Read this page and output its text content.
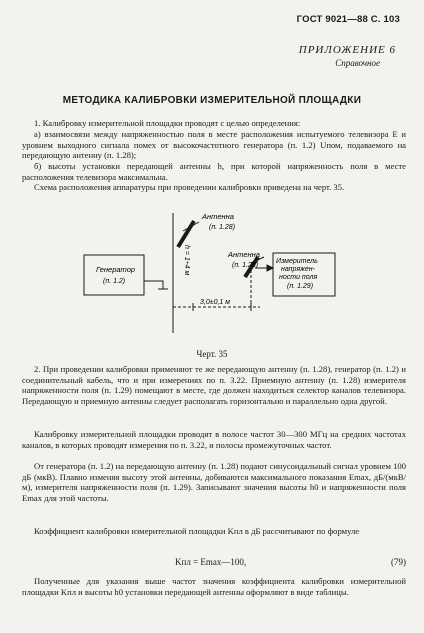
ГОСТ 9021—88 С. 103
ПРИЛОЖЕНИЕ 6
Справочное
МЕТОДИКА КАЛИБРОВКИ ИЗМЕРИТЕЛЬНОЙ ПЛОЩАДКИ

1. Калибровку измерительной площадки проводят с целью определения:

а) взаимосвязи между напряженностью поля в месте расположения испытуемого телевизора E и уровнем выходного сигнала помех от высокочастотного генератора (п. 1.2) Uпом, подаваемого на передающую антенну (п. 1.28);

б) высоты установки передающей антенны h, при которой напряженность поля в месте расположения телевизора максимальна.

Схема расположения аппаратуры при проведении калибровки приведена на черт. 35.

Антенна
(п. 1.28)
Антенна
(п. 1.28)
Генератор
(п. 1.2)
Измеритель
напряжен-
ности поля
(п. 1.29)
h = 1÷4 м
3,0±0,1 м
Черт. 35

2. При проведении калибровки применяют те же передающую антенну (п. 1.28), генератор (п. 1.2) и соединительный кабель, что и при измерениях по п. 3.22. Приемную антенну (п. 1.28) измерителя напряженности поля (п. 1.29) помещают в месте, где должен находиться селектор каналов телевизора. Передающую и приемную антенны следует располагать горизонтально и параллельно одна другой.

Калибровку измерительной площадки проводят в полосе частот 30—300 МГц на средних частотах каналов, в которых проводят измерения по п. 3.22, и полосы промежуточных частот.

От генератора (п. 1.2) на передающую антенну (п. 1.28) подают синусоидальный сигнал уровнем 100 дБ (мкВ). Плавно изменяя высоту этой антенны, добиваются максимального показания Emax, дБ/(мкВ/м), измерителя напряженности поля (п. 1.29). Записывают значения высоты h0 и напряженности поля Emax для этой частоты.

Коэффициент калибровки измерительной площадки Kпл в дБ рассчитывают по формуле

Kпл = Emax—100,	(79)

Полученные для указания выше частот значения коэффициента калибровки измерительной площадки Kпл и высоты h0 установки передающей антенны оформляют в виде таблицы.
